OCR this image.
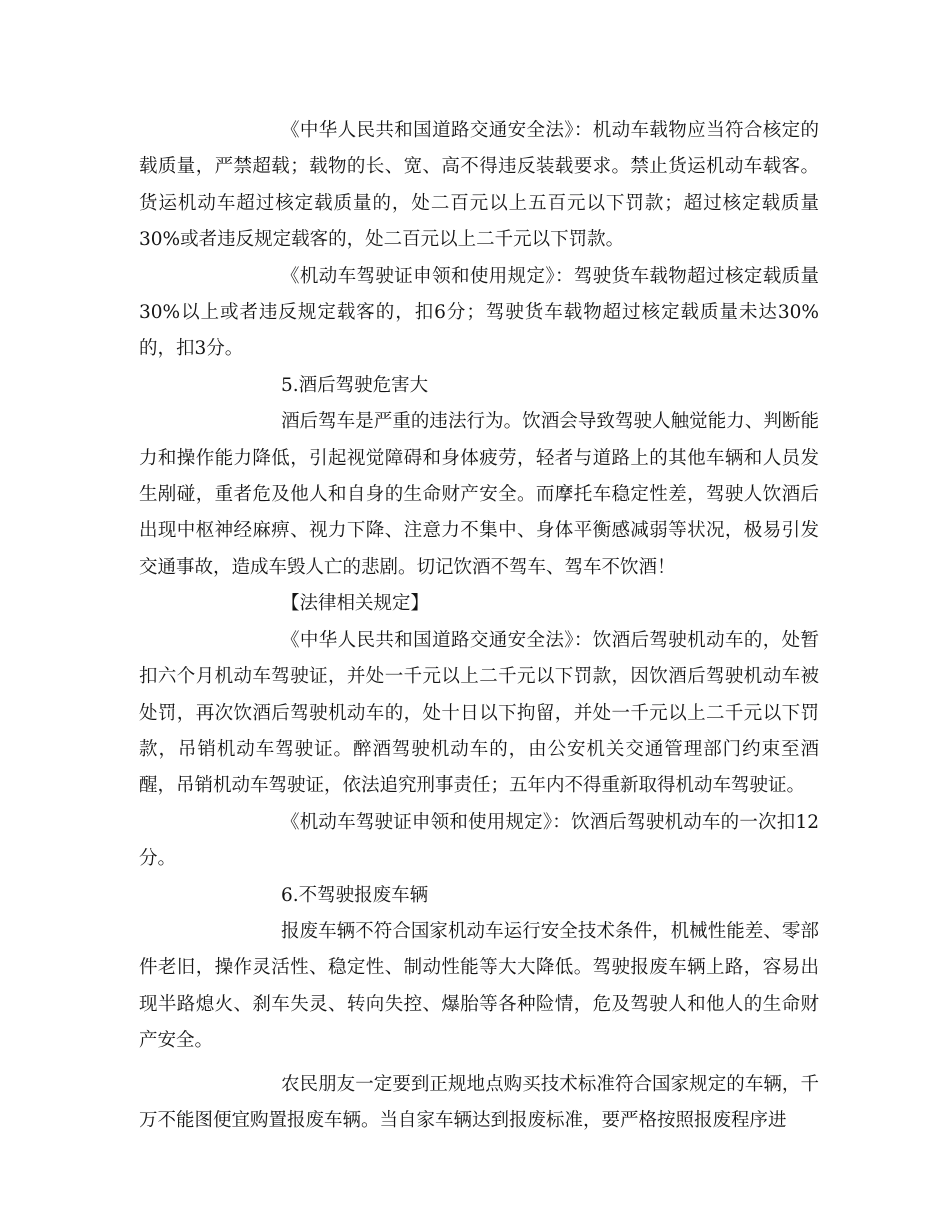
《中华人民共和国道路交通安全法》：机动车载物应当符合核定的载质量，严禁超载；载物的长、宽、高不得违反装载要求。禁止货运机动车载客。货运机动车超过核定载质量的，处二百元以上五百元以下罚款；超过核定载质量30%或者违反规定载客的，处二百元以上二千元以下罚款。

《机动车驾驶证申领和使用规定》：驾驶货车载物超过核定载质量30%以上或者违反规定载客的，扣6分；驾驶货车载物超过核定载质量未达30%的，扣3分。

5.酒后驾驶危害大

酒后驾车是严重的违法行为。饮酒会导致驾驶人触觉能力、判断能力和操作能力降低，引起视觉障碍和身体疲劳，轻者与道路上的其他车辆和人员发生剐碰，重者危及他人和自身的生命财产安全。而摩托车稳定性差，驾驶人饮酒后出现中枢神经麻痹、视力下降、注意力不集中、身体平衡感减弱等状况，极易引发交通事故，造成车毁人亡的悲剧。切记饮酒不驾车、驾车不饮酒！

【法律相关规定】

《中华人民共和国道路交通安全法》：饮酒后驾驶机动车的，处暂扣六个月机动车驾驶证，并处一千元以上二千元以下罚款，因饮酒后驾驶机动车被处罚，再次饮酒后驾驶机动车的，处十日以下拘留，并处一千元以上二千元以下罚款，吊销机动车驾驶证。醉酒驾驶机动车的，由公安机关交通管理部门约束至酒醒，吊销机动车驾驶证，依法追究刑事责任；五年内不得重新取得机动车驾驶证。

《机动车驾驶证申领和使用规定》：饮酒后驾驶机动车的一次扣12分。

6.不驾驶报废车辆

报废车辆不符合国家机动车运行安全技术条件，机械性能差、零部件老旧，操作灵活性、稳定性、制动性能等大大降低。驾驶报废车辆上路，容易出现半路熄火、刹车失灵、转向失控、爆胎等各种险情，危及驾驶人和他人的生命财产安全。

农民朋友一定要到正规地点购买技术标准符合国家规定的车辆，千万不能图便宜购置报废车辆。当自家车辆达到报废标准，要严格按照报废程序进
